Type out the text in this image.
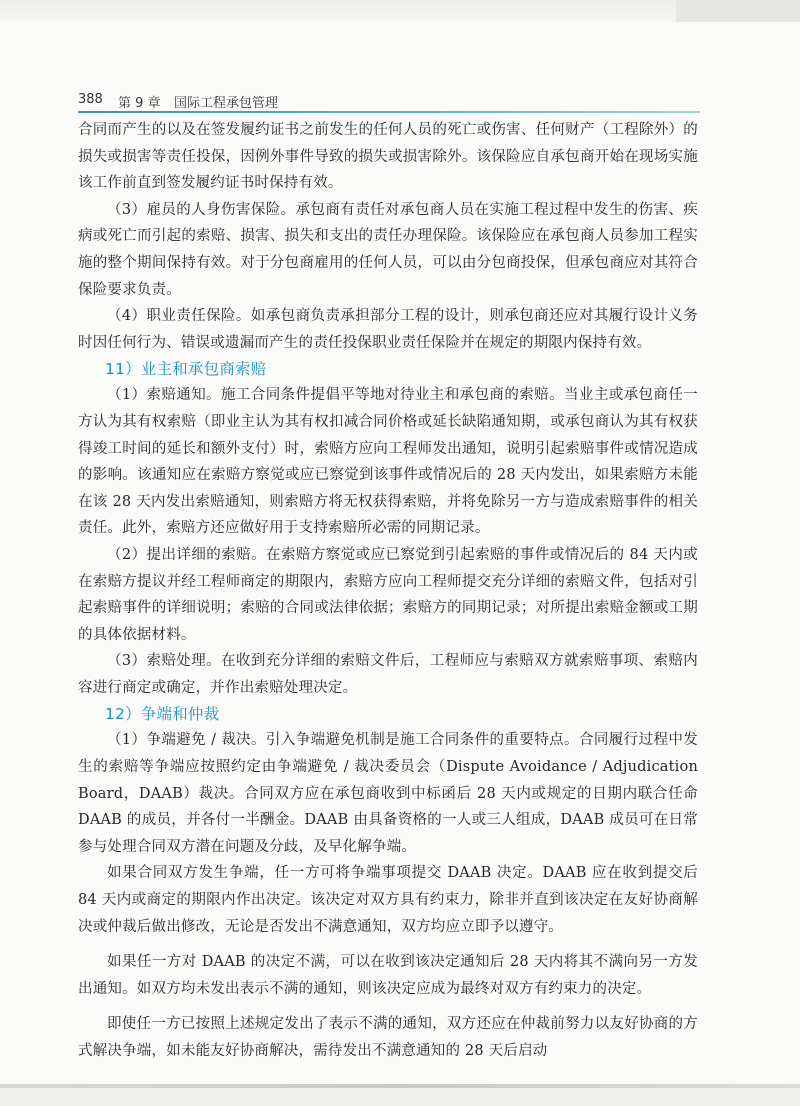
388 第 9 章 国际工程承包管理

合同而产生的以及在签发履约证书之前发生的任何人员的死亡或伤害、任何财产（工程除外）的损失或损害等责任投保，因例外事件导致的损失或损害除外。该保险应自承包商开始在现场实施该工作前直到签发履约证书时保持有效。

（3）雇员的人身伤害保险。承包商有责任对承包商人员在实施工程过程中发生的伤害、疾病或死亡而引起的索赔、损害、损失和支出的责任办理保险。该保险应在承包商人员参加工程实施的整个期间保持有效。对于分包商雇用的任何人员，可以由分包商投保，但承包商应对其符合保险要求负责。

（4）职业责任保险。如承包商负责承担部分工程的设计，则承包商还应对其履行设计义务时因任何行为、错误或遗漏而产生的责任投保职业责任保险并在规定的期限内保持有效。

11）业主和承包商索赔

（1）索赔通知。施工合同条件提倡平等地对待业主和承包商的索赔。当业主或承包商任一方认为其有权索赔（即业主认为其有权扣减合同价格或延长缺陷通知期，或承包商认为其有权获得竣工时间的延长和额外支付）时，索赔方应向工程师发出通知，说明引起索赔事件或情况造成的影响。该通知应在索赔方察觉或应已察觉到该事件或情况后的 28 天内发出，如果索赔方未能在该 28 天内发出索赔通知，则索赔方将无权获得索赔，并将免除另一方与造成索赔事件的相关责任。此外，索赔方还应做好用于支持索赔所必需的同期记录。

（2）提出详细的索赔。在索赔方察觉或应已察觉到引起索赔的事件或情况后的 84 天内或在索赔方提议并经工程师商定的期限内，索赔方应向工程师提交充分详细的索赔文件，包括对引起索赔事件的详细说明；索赔的合同或法律依据；索赔方的同期记录；对所提出索赔金额或工期的具体依据材料。

（3）索赔处理。在收到充分详细的索赔文件后，工程师应与索赔双方就索赔事项、索赔内容进行商定或确定，并作出索赔处理决定。

12）争端和仲裁

（1）争端避免 / 裁决。引入争端避免机制是施工合同条件的重要特点。合同履行过程中发生的索赔等争端应按照约定由争端避免 / 裁决委员会（Dispute Avoidance / Adjudication Board，DAAB）裁决。合同双方应在承包商收到中标函后 28 天内或规定的日期内联合任命 DAAB 的成员，并各付一半酬金。DAAB 由具备资格的一人或三人组成，DAAB 成员可在日常参与处理合同双方潜在问题及分歧，及早化解争端。

如果合同双方发生争端，任一方可将争端事项提交 DAAB 决定。DAAB 应在收到提交后 84 天内或商定的期限内作出决定。该决定对双方具有约束力，除非并直到该决定在友好协商解决或仲裁后做出修改，无论是否发出不满意通知，双方均应立即予以遵守。

如果任一方对 DAAB 的决定不满，可以在收到该决定通知后 28 天内将其不满向另一方发出通知。如双方均未发出表示不满的通知，则该决定应成为最终对双方有约束力的决定。

即使任一方已按照上述规定发出了表示不满的通知，双方还应在仲裁前努力以友好协商的方式解决争端，如未能友好协商解决，需待发出不满意通知的 28 天后启动
